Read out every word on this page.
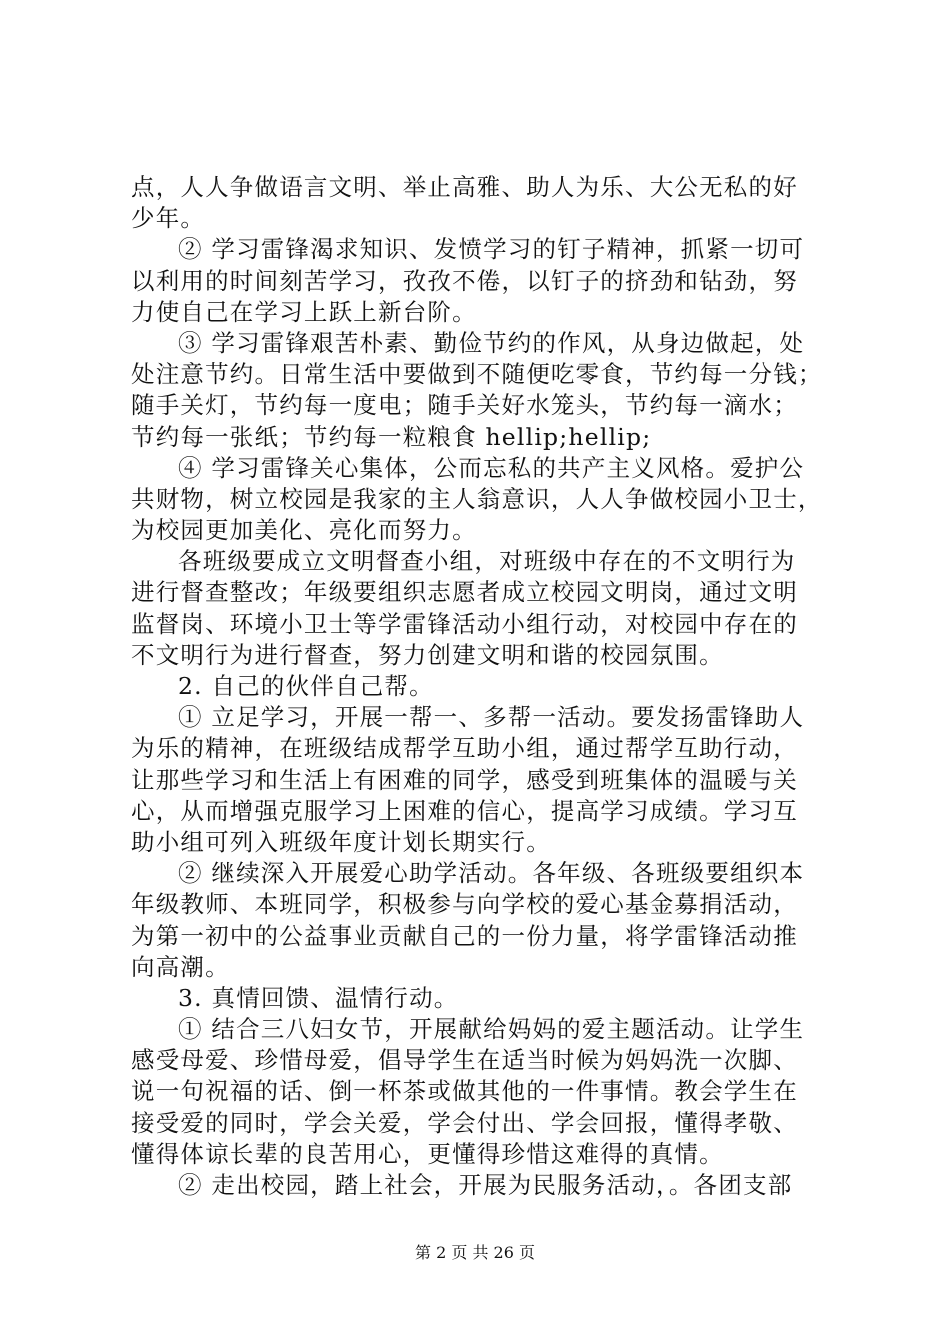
点，人人争做语言文明、举止高雅、助人为乐、大公无私的好
少年。
② 学习雷锋渴求知识、发愤学习的钉子精神，抓紧一切可
以利用的时间刻苦学习，孜孜不倦，以钉子的挤劲和钻劲，努
力使自己在学习上跃上新台阶。
③ 学习雷锋艰苦朴素、勤俭节约的作风，从身边做起，处
处注意节约。日常生活中要做到不随便吃零食，节约每一分钱；
随手关灯，节约每一度电；随手关好水笼头，节约每一滴水；
节约每一张纸；节约每一粒粮食 hellip;hellip;
④ 学习雷锋关心集体，公而忘私的共产主义风格。爱护公
共财物，树立校园是我家的主人翁意识，人人争做校园小卫士，
为校园更加美化、亮化而努力。
各班级要成立文明督查小组，对班级中存在的不文明行为
进行督查整改；年级要组织志愿者成立校园文明岗，通过文明
监督岗、环境小卫士等学雷锋活动小组行动，对校园中存在的
不文明行为进行督查，努力创建文明和谐的校园氛围。
2. 自己的伙伴自己帮。
① 立足学习，开展一帮一、多帮一活动。要发扬雷锋助人
为乐的精神，在班级结成帮学互助小组，通过帮学互助行动，
让那些学习和生活上有困难的同学，感受到班集体的温暖与关
心，从而增强克服学习上困难的信心，提高学习成绩。学习互
助小组可列入班级年度计划长期实行。
② 继续深入开展爱心助学活动。各年级、各班级要组织本
年级教师、本班同学，积极参与向学校的爱心基金募捐活动，
为第一初中的公益事业贡献自己的一份力量，将学雷锋活动推
向高潮。
3. 真情回馈、温情行动。
① 结合三八妇女节，开展献给妈妈的爱主题活动。让学生
感受母爱、珍惜母爱，倡导学生在适当时候为妈妈洗一次脚、
说一句祝福的话、倒一杯茶或做其他的一件事情。教会学生在
接受爱的同时，学会关爱，学会付出、学会回报，懂得孝敬、
懂得体谅长辈的良苦用心，更懂得珍惜这难得的真情。
② 走出校园，踏上社会，开展为民服务活动，。各团支部
第 2 页 共 26 页
